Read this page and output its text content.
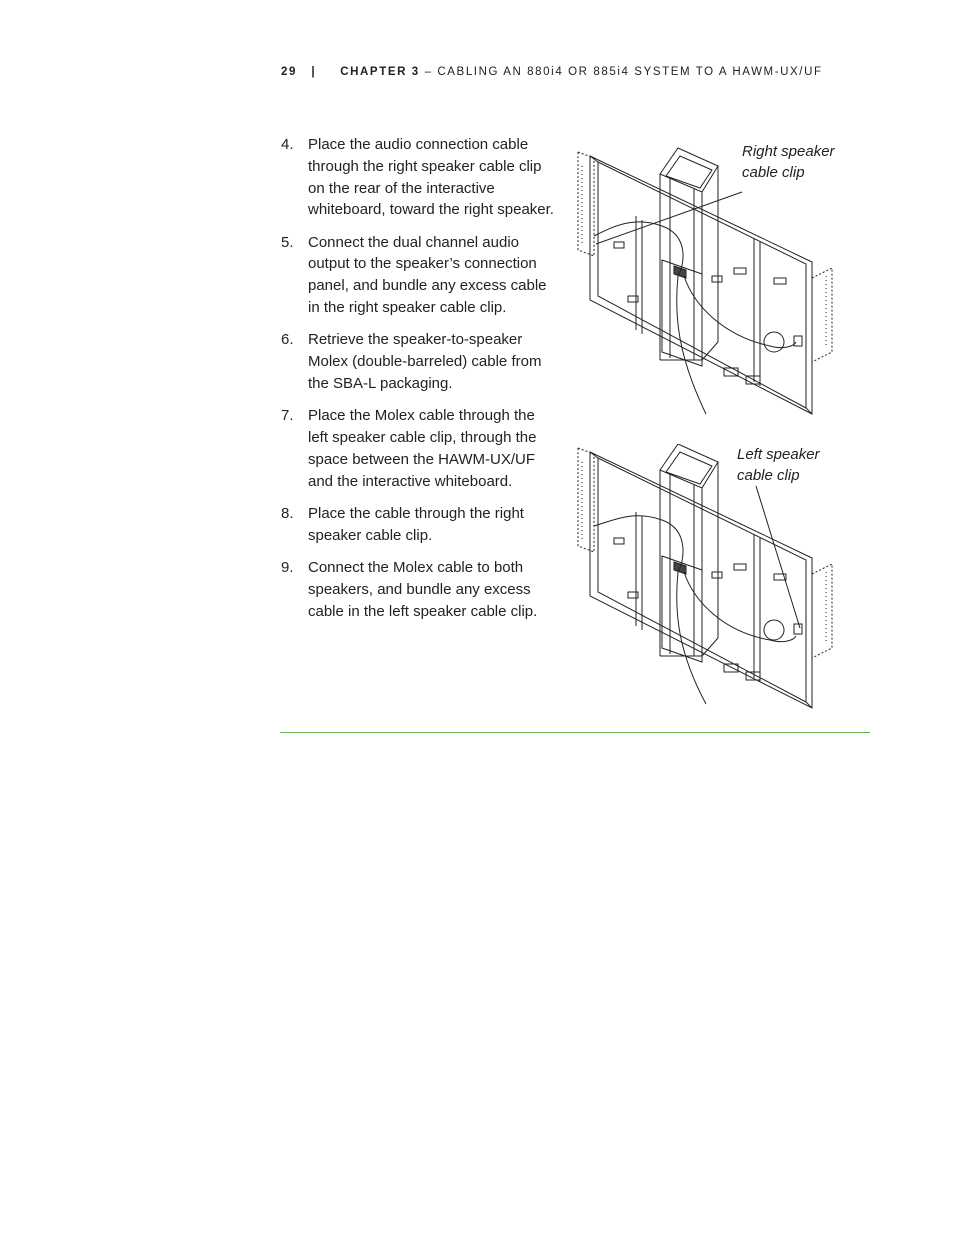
29 | CHAPTER 3 – CABLING AN 880i4 OR 885i4 SYSTEM TO A HAWM-UX/UF
4. Place the audio connection cable through the right speaker cable clip on the rear of the interactive whiteboard, toward the right speaker.
5. Connect the dual channel audio output to the speaker’s connection panel, and bundle any excess cable in the right speaker cable clip.
6. Retrieve the speaker-to-speaker Molex (double-barreled) cable from the SBA-L packaging.
7. Place the Molex cable through the left speaker cable clip, through the space between the HAWM-UX/UF and the interactive whiteboard.
8. Place the cable through the right speaker cable clip.
9. Connect the Molex cable to both speakers, and bundle any excess cable in the left speaker cable clip.
Right speaker
cable clip
Left speaker
cable clip
